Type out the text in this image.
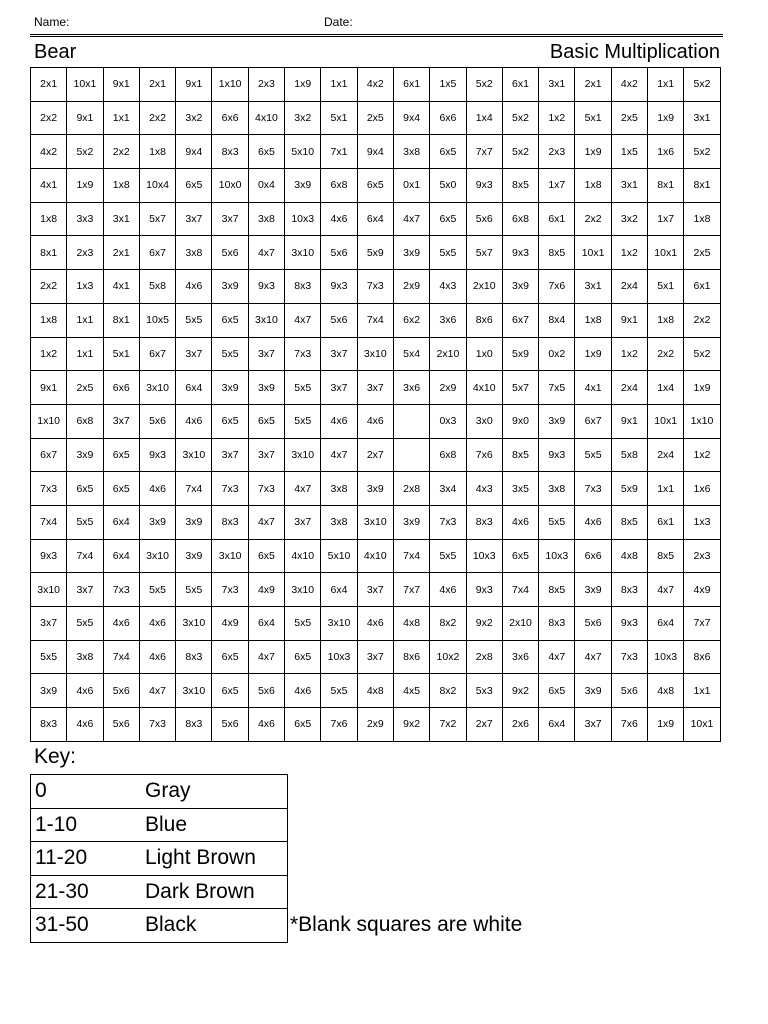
Name:	Date:
Bear	Basic Multiplication
2x1	10x1	9x1	2x1	9x1	1x10	2x3	1x9	1x1	4x2	6x1	1x5	5x2	6x1	3x1	2x1	4x2	1x1	5x2
2x2	9x1	1x1	2x2	3x2	6x6	4x10	3x2	5x1	2x5	9x4	6x6	1x4	5x2	1x2	5x1	2x5	1x9	3x1
4x2	5x2	2x2	1x8	9x4	8x3	6x5	5x10	7x1	9x4	3x8	6x5	7x7	5x2	2x3	1x9	1x5	1x6	5x2
4x1	1x9	1x8	10x4	6x5	10x0	0x4	3x9	6x8	6x5	0x1	5x0	9x3	8x5	1x7	1x8	3x1	8x1	8x1
1x8	3x3	3x1	5x7	3x7	3x7	3x8	10x3	4x6	6x4	4x7	6x5	5x6	6x8	6x1	2x2	3x2	1x7	1x8
8x1	2x3	2x1	6x7	3x8	5x6	4x7	3x10	5x6	5x9	3x9	5x5	5x7	9x3	8x5	10x1	1x2	10x1	2x5
2x2	1x3	4x1	5x8	4x6	3x9	9x3	8x3	9x3	7x3	2x9	4x3	2x10	3x9	7x6	3x1	2x4	5x1	6x1
1x8	1x1	8x1	10x5	5x5	6x5	3x10	4x7	5x6	7x4	6x2	3x6	8x6	6x7	8x4	1x8	9x1	1x8	2x2
1x2	1x1	5x1	6x7	3x7	5x5	3x7	7x3	3x7	3x10	5x4	2x10	1x0	5x9	0x2	1x9	1x2	2x2	5x2
9x1	2x5	6x6	3x10	6x4	3x9	3x9	5x5	3x7	3x7	3x6	2x9	4x10	5x7	7x5	4x1	2x4	1x4	1x9
1x10	6x8	3x7	5x6	4x6	6x5	6x5	5x5	4x6	4x6		0x3	3x0	9x0	3x9	6x7	9x1	10x1	1x10
6x7	3x9	6x5	9x3	3x10	3x7	3x7	3x10	4x7	2x7		6x8	7x6	8x5	9x3	5x5	5x8	2x4	1x2
7x3	6x5	6x5	4x6	7x4	7x3	7x3	4x7	3x8	3x9	2x8	3x4	4x3	3x5	3x8	7x3	5x9	1x1	1x6
7x4	5x5	6x4	3x9	3x9	8x3	4x7	3x7	3x8	3x10	3x9	7x3	8x3	4x6	5x5	4x6	8x5	6x1	1x3
9x3	7x4	6x4	3x10	3x9	3x10	6x5	4x10	5x10	4x10	7x4	5x5	10x3	6x5	10x3	6x6	4x8	8x5	2x3
3x10	3x7	7x3	5x5	5x5	7x3	4x9	3x10	6x4	3x7	7x7	4x6	9x3	7x4	8x5	3x9	8x3	4x7	4x9
3x7	5x5	4x6	4x6	3x10	4x9	6x4	5x5	3x10	4x6	4x8	8x2	9x2	2x10	8x3	5x6	9x3	6x4	7x7
5x5	3x8	7x4	4x6	8x3	6x5	4x7	6x5	10x3	3x7	8x6	10x2	2x8	3x6	4x7	4x7	7x3	10x3	8x6
3x9	4x6	5x6	4x7	3x10	6x5	5x6	4x6	5x5	4x8	4x5	8x2	5x3	9x2	6x5	3x9	5x6	4x8	1x1
8x3	4x6	5x6	7x3	8x3	5x6	4x6	6x5	7x6	2x9	9x2	7x2	2x7	2x6	6x4	3x7	7x6	1x9	10x1
Key:
0	Gray
1-10	Blue
11-20	Light Brown
21-30	Dark Brown
31-50	Black	*Blank squares are white
